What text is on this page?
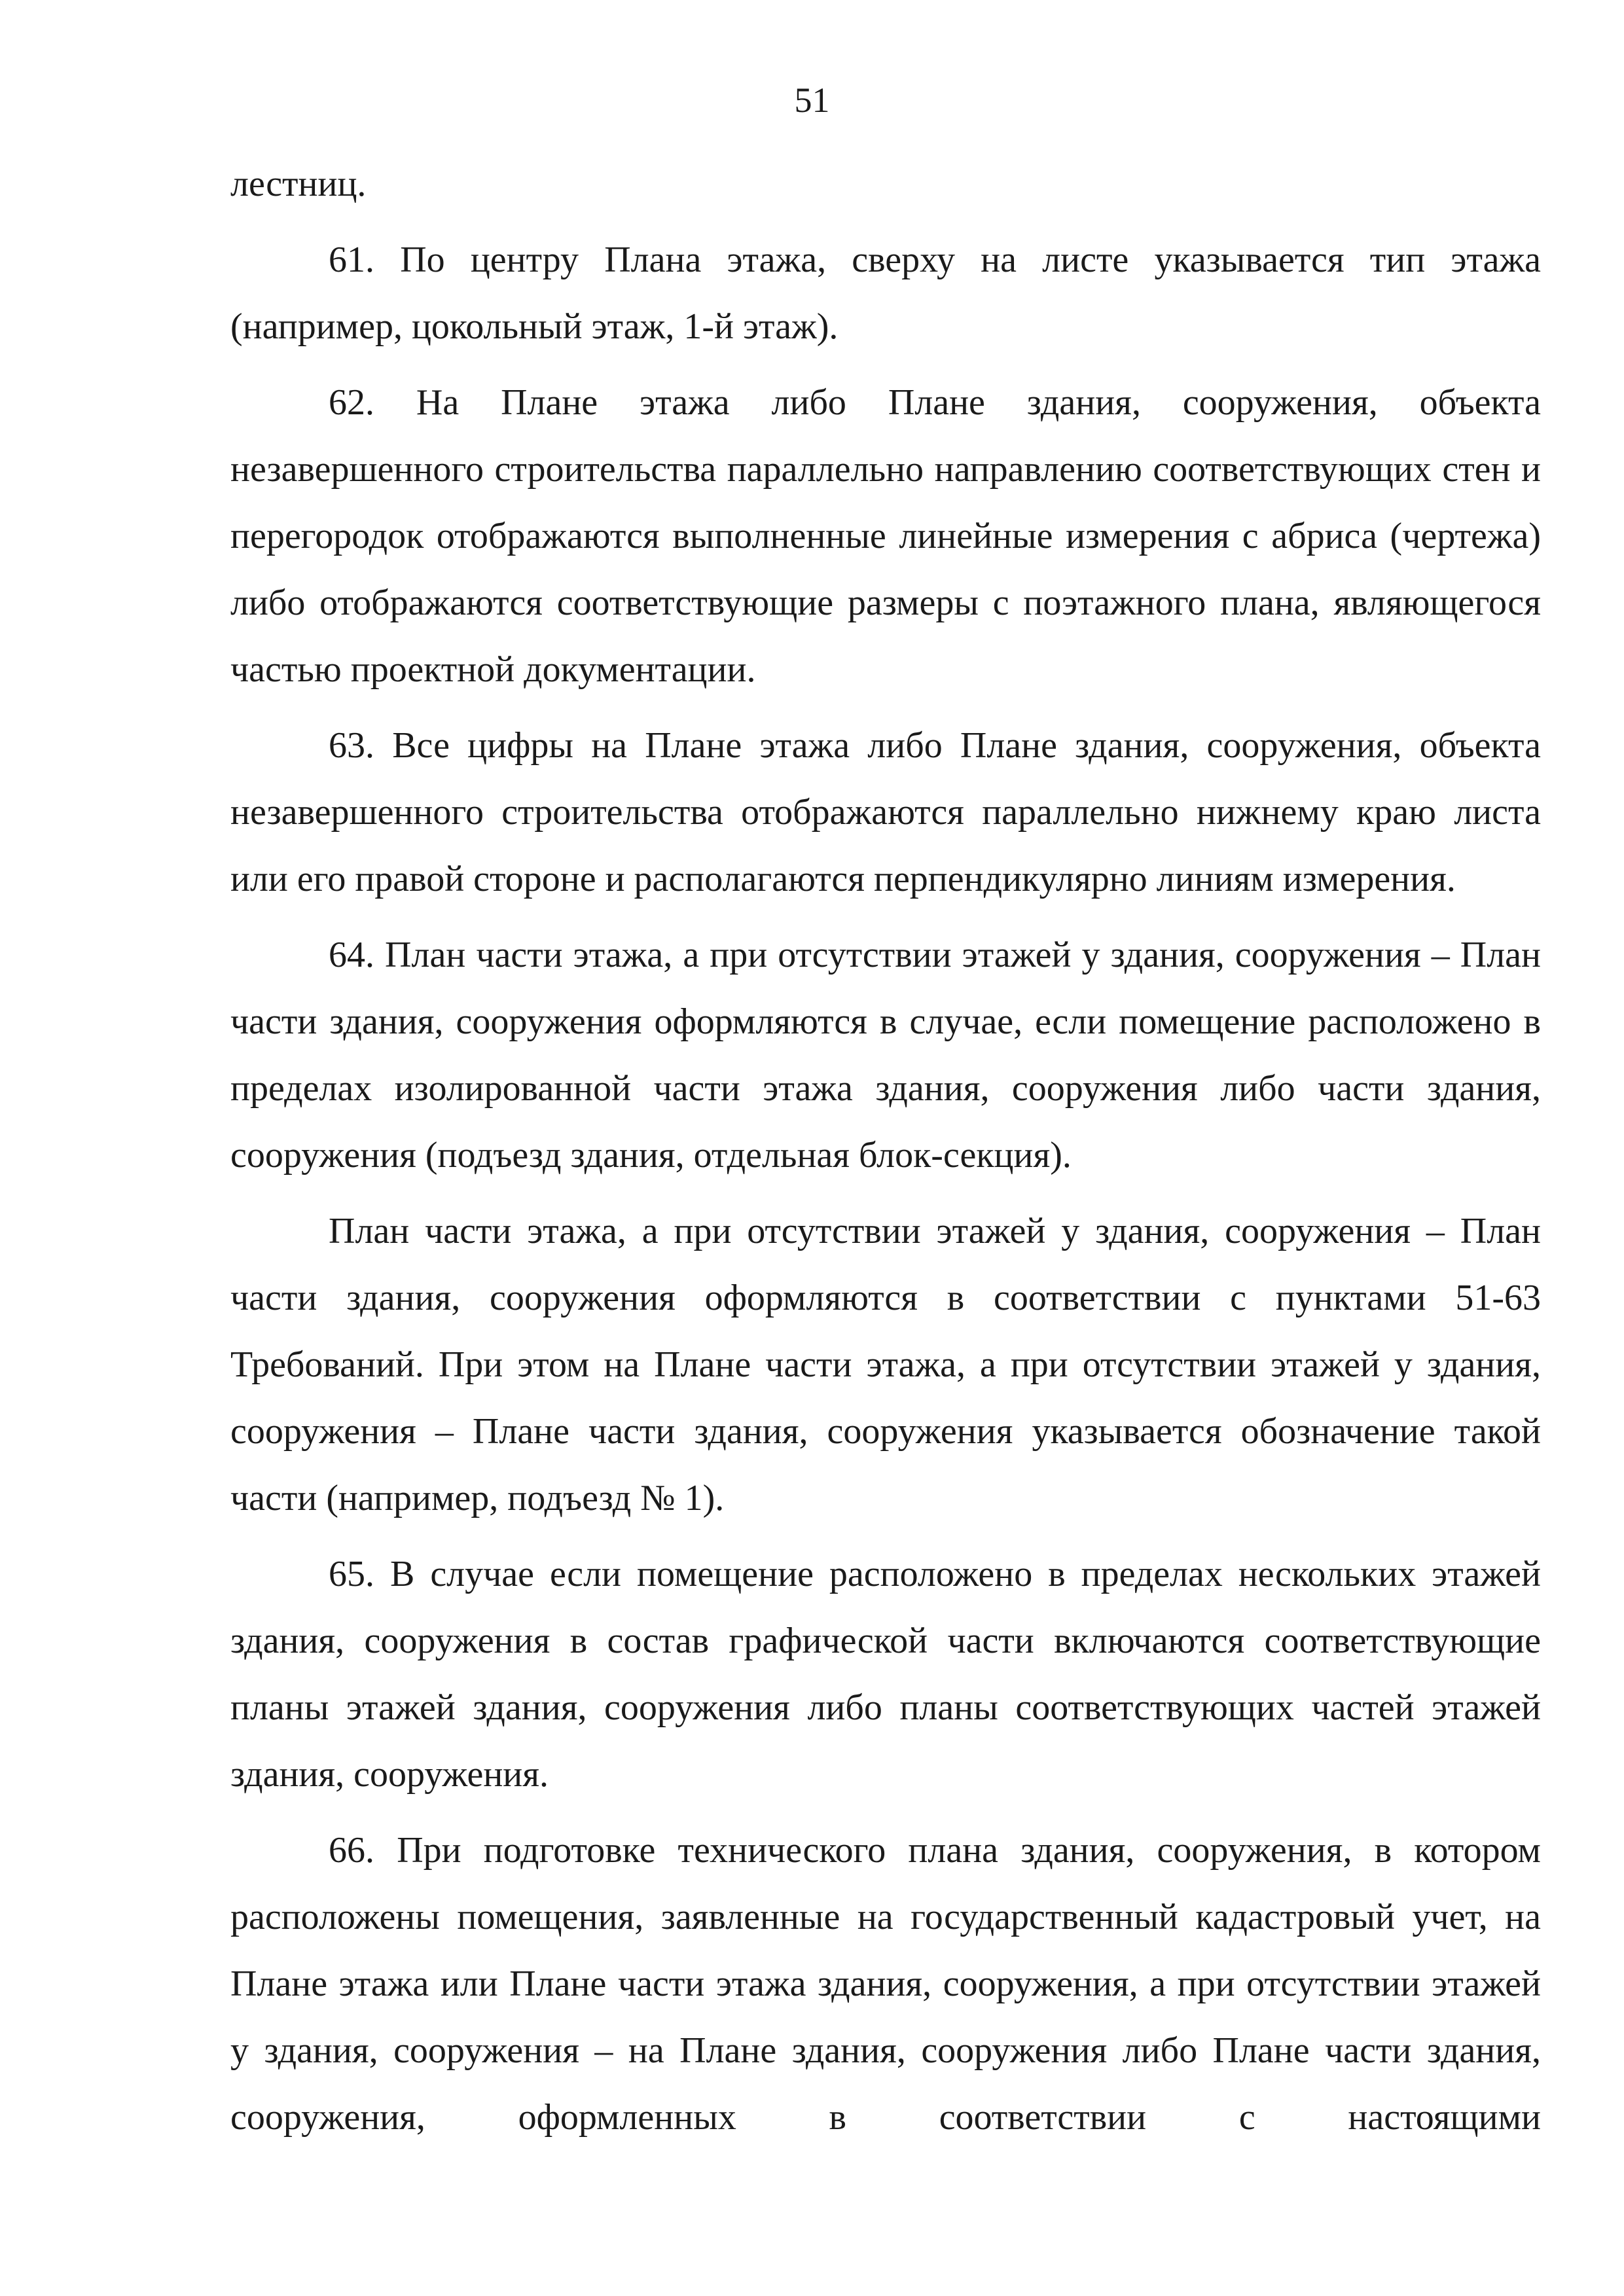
51

лестниц.

61. По центру Плана этажа, сверху на листе указывается тип этажа (например, цокольный этаж, 1-й этаж).

62. На Плане этажа либо Плане здания, сооружения, объекта незавершенного строительства параллельно направлению соответствующих стен и перегородок отображаются выполненные линейные измерения с абриса (чертежа) либо отображаются соответствующие размеры с поэтажного плана, являющегося частью проектной документации.

63. Все цифры на Плане этажа либо Плане здания, сооружения, объекта незавершенного строительства отображаются параллельно нижнему краю листа или его правой стороне и располагаются перпендикулярно линиям измерения.

64. План части этажа, а при отсутствии этажей у здания, сооружения – План части здания, сооружения оформляются в случае, если помещение расположено в пределах изолированной части этажа здания, сооружения либо части здания, сооружения (подъезд здания, отдельная блок-секция).

План части этажа, а при отсутствии этажей у здания, сооружения – План части здания, сооружения оформляются в соответствии с пунктами 51-63 Требований. При этом на Плане части этажа, а при отсутствии этажей у здания, сооружения – Плане части здания, сооружения указывается обозначение такой части (например, подъезд № 1).

65. В случае если помещение расположено в пределах нескольких этажей здания, сооружения в состав графической части включаются соответствующие планы этажей здания, сооружения либо планы соответствующих частей этажей здания, сооружения.

66. При подготовке технического плана здания, сооружения, в котором расположены помещения, заявленные на государственный кадастровый учет, на Плане этажа или Плане части этажа здания, сооружения, а при отсутствии этажей у здания, сооружения – на Плане здания, сооружения либо Плане части здания, сооружения, оформленных в соответствии с настоящими
